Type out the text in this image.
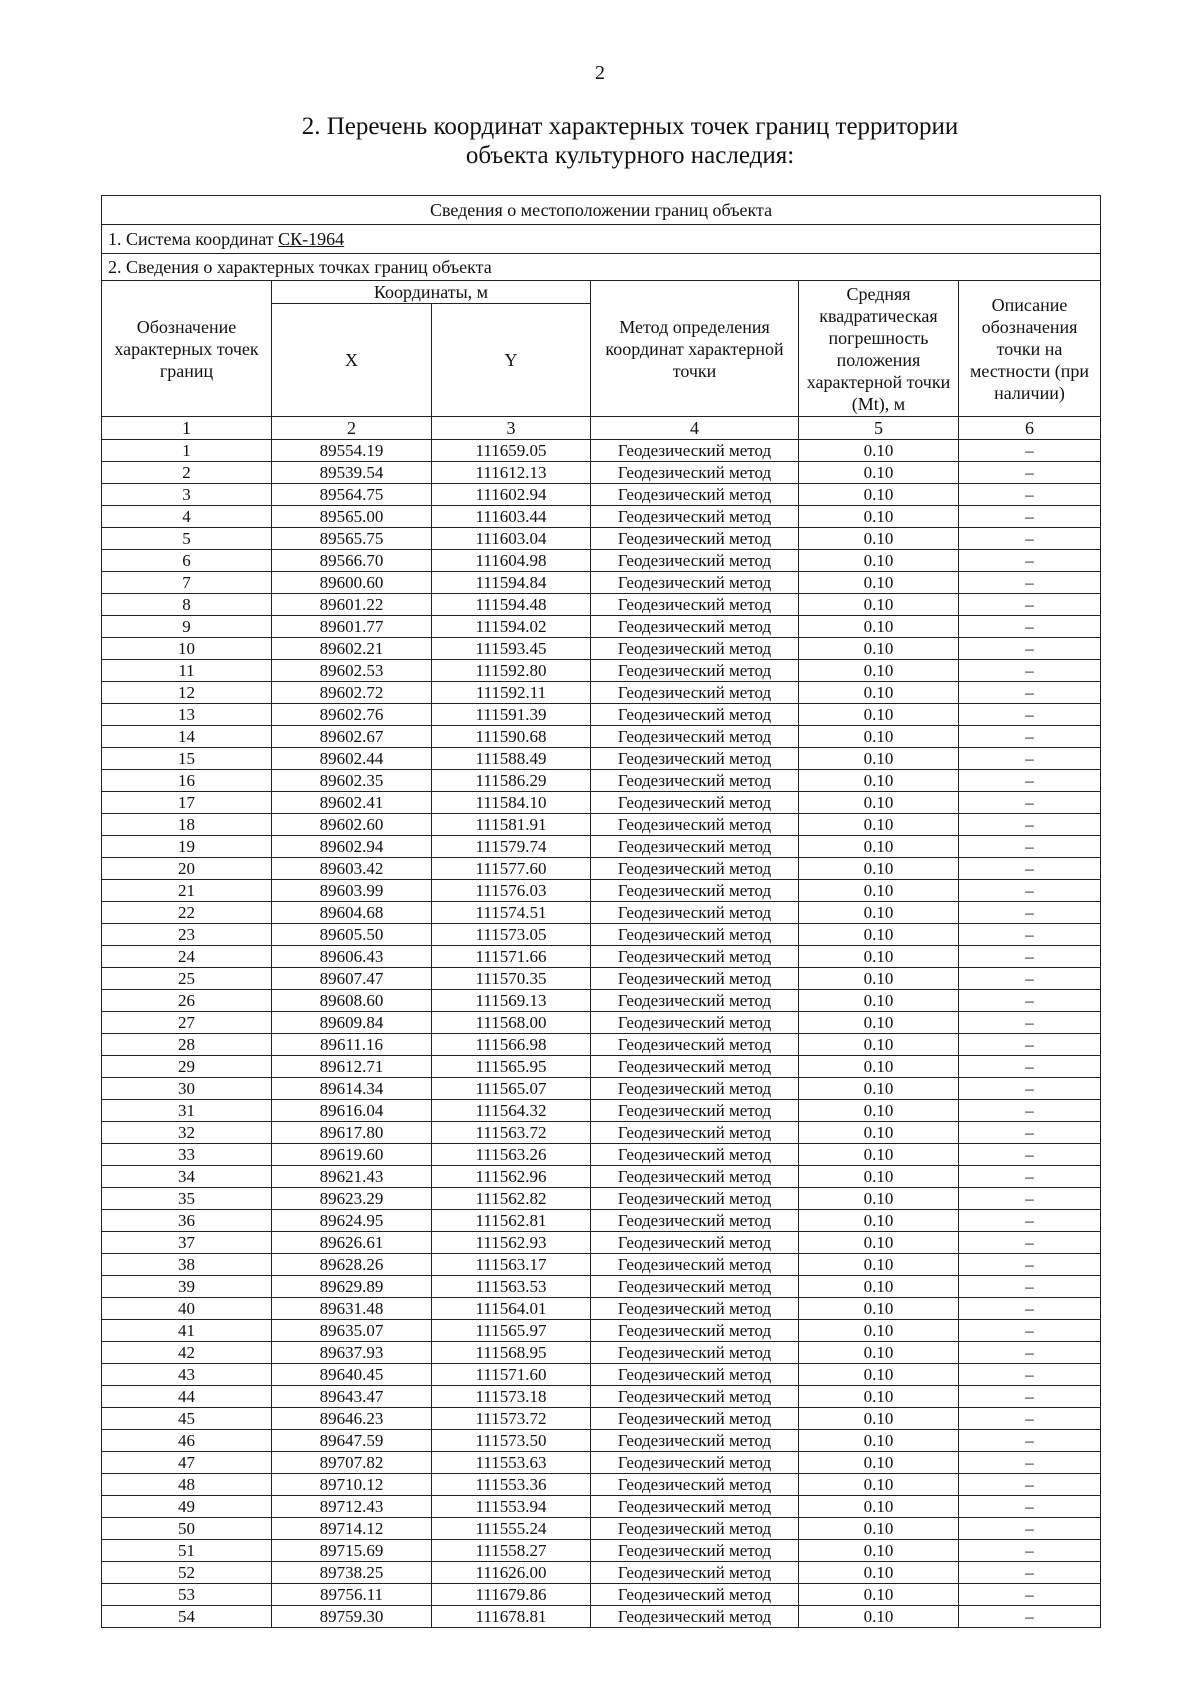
2
2. Перечень координат характерных точек границ территории
объекта культурного наследия:
Сведения о местоположении границ объекта					
1. Система координат СК-1964					
2. Сведения о характерных точках границ объекта					
Обозначение характерных точек границ	Координаты, м		Метод определения координат характерной точки	Средняя квадратическая погрешность положения характерной точки (Mt), м	Описание обозначения точки на местности (при наличии)
	X	Y			
1	2	3	4	5	6
1	89554.19	111659.05	Геодезический метод	0.10	–
2	89539.54	111612.13	Геодезический метод	0.10	–
3	89564.75	111602.94	Геодезический метод	0.10	–
4	89565.00	111603.44	Геодезический метод	0.10	–
5	89565.75	111603.04	Геодезический метод	0.10	–
6	89566.70	111604.98	Геодезический метод	0.10	–
7	89600.60	111594.84	Геодезический метод	0.10	–
8	89601.22	111594.48	Геодезический метод	0.10	–
9	89601.77	111594.02	Геодезический метод	0.10	–
10	89602.21	111593.45	Геодезический метод	0.10	–
11	89602.53	111592.80	Геодезический метод	0.10	–
12	89602.72	111592.11	Геодезический метод	0.10	–
13	89602.76	111591.39	Геодезический метод	0.10	–
14	89602.67	111590.68	Геодезический метод	0.10	–
15	89602.44	111588.49	Геодезический метод	0.10	–
16	89602.35	111586.29	Геодезический метод	0.10	–
17	89602.41	111584.10	Геодезический метод	0.10	–
18	89602.60	111581.91	Геодезический метод	0.10	–
19	89602.94	111579.74	Геодезический метод	0.10	–
20	89603.42	111577.60	Геодезический метод	0.10	–
21	89603.99	111576.03	Геодезический метод	0.10	–
22	89604.68	111574.51	Геодезический метод	0.10	–
23	89605.50	111573.05	Геодезический метод	0.10	–
24	89606.43	111571.66	Геодезический метод	0.10	–
25	89607.47	111570.35	Геодезический метод	0.10	–
26	89608.60	111569.13	Геодезический метод	0.10	–
27	89609.84	111568.00	Геодезический метод	0.10	–
28	89611.16	111566.98	Геодезический метод	0.10	–
29	89612.71	111565.95	Геодезический метод	0.10	–
30	89614.34	111565.07	Геодезический метод	0.10	–
31	89616.04	111564.32	Геодезический метод	0.10	–
32	89617.80	111563.72	Геодезический метод	0.10	–
33	89619.60	111563.26	Геодезический метод	0.10	–
34	89621.43	111562.96	Геодезический метод	0.10	–
35	89623.29	111562.82	Геодезический метод	0.10	–
36	89624.95	111562.81	Геодезический метод	0.10	–
37	89626.61	111562.93	Геодезический метод	0.10	–
38	89628.26	111563.17	Геодезический метод	0.10	–
39	89629.89	111563.53	Геодезический метод	0.10	–
40	89631.48	111564.01	Геодезический метод	0.10	–
41	89635.07	111565.97	Геодезический метод	0.10	–
42	89637.93	111568.95	Геодезический метод	0.10	–
43	89640.45	111571.60	Геодезический метод	0.10	–
44	89643.47	111573.18	Геодезический метод	0.10	–
45	89646.23	111573.72	Геодезический метод	0.10	–
46	89647.59	111573.50	Геодезический метод	0.10	–
47	89707.82	111553.63	Геодезический метод	0.10	–
48	89710.12	111553.36	Геодезический метод	0.10	–
49	89712.43	111553.94	Геодезический метод	0.10	–
50	89714.12	111555.24	Геодезический метод	0.10	–
51	89715.69	111558.27	Геодезический метод	0.10	–
52	89738.25	111626.00	Геодезический метод	0.10	–
53	89756.11	111679.86	Геодезический метод	0.10	–
54	89759.30	111678.81	Геодезический метод	0.10	–
